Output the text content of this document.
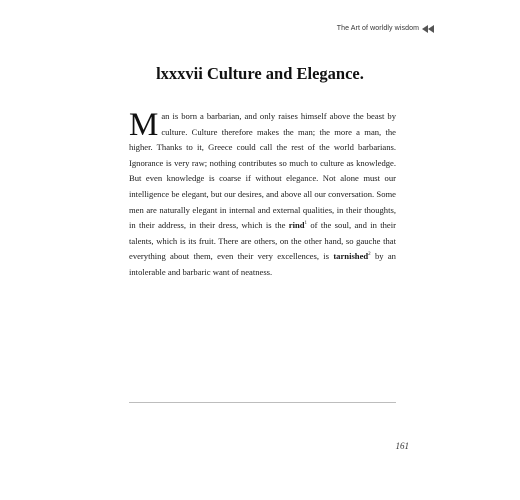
The Art of worldly wisdom
lxxxvii Culture and Elegance.

Man is born a barbarian, and only raises himself above the beast by culture. Culture therefore makes the man; the more a man, the higher. Thanks to it, Greece could call the rest of the world barbarians. Ignorance is very raw; nothing contributes so much to culture as knowledge. But even knowledge is coarse if without elegance. Not alone must our intelligence be elegant, but our desires, and above all our conversation. Some men are naturally elegant in internal and external qualities, in their thoughts, in their address, in their dress, which is the rind$^1$ of the soul, and in their talents, which is its fruit. There are others, on the other hand, so gauche that everything about them, even their very excellences, is tarnished$^2$ by an intolerable and barbaric want of neatness.

161
